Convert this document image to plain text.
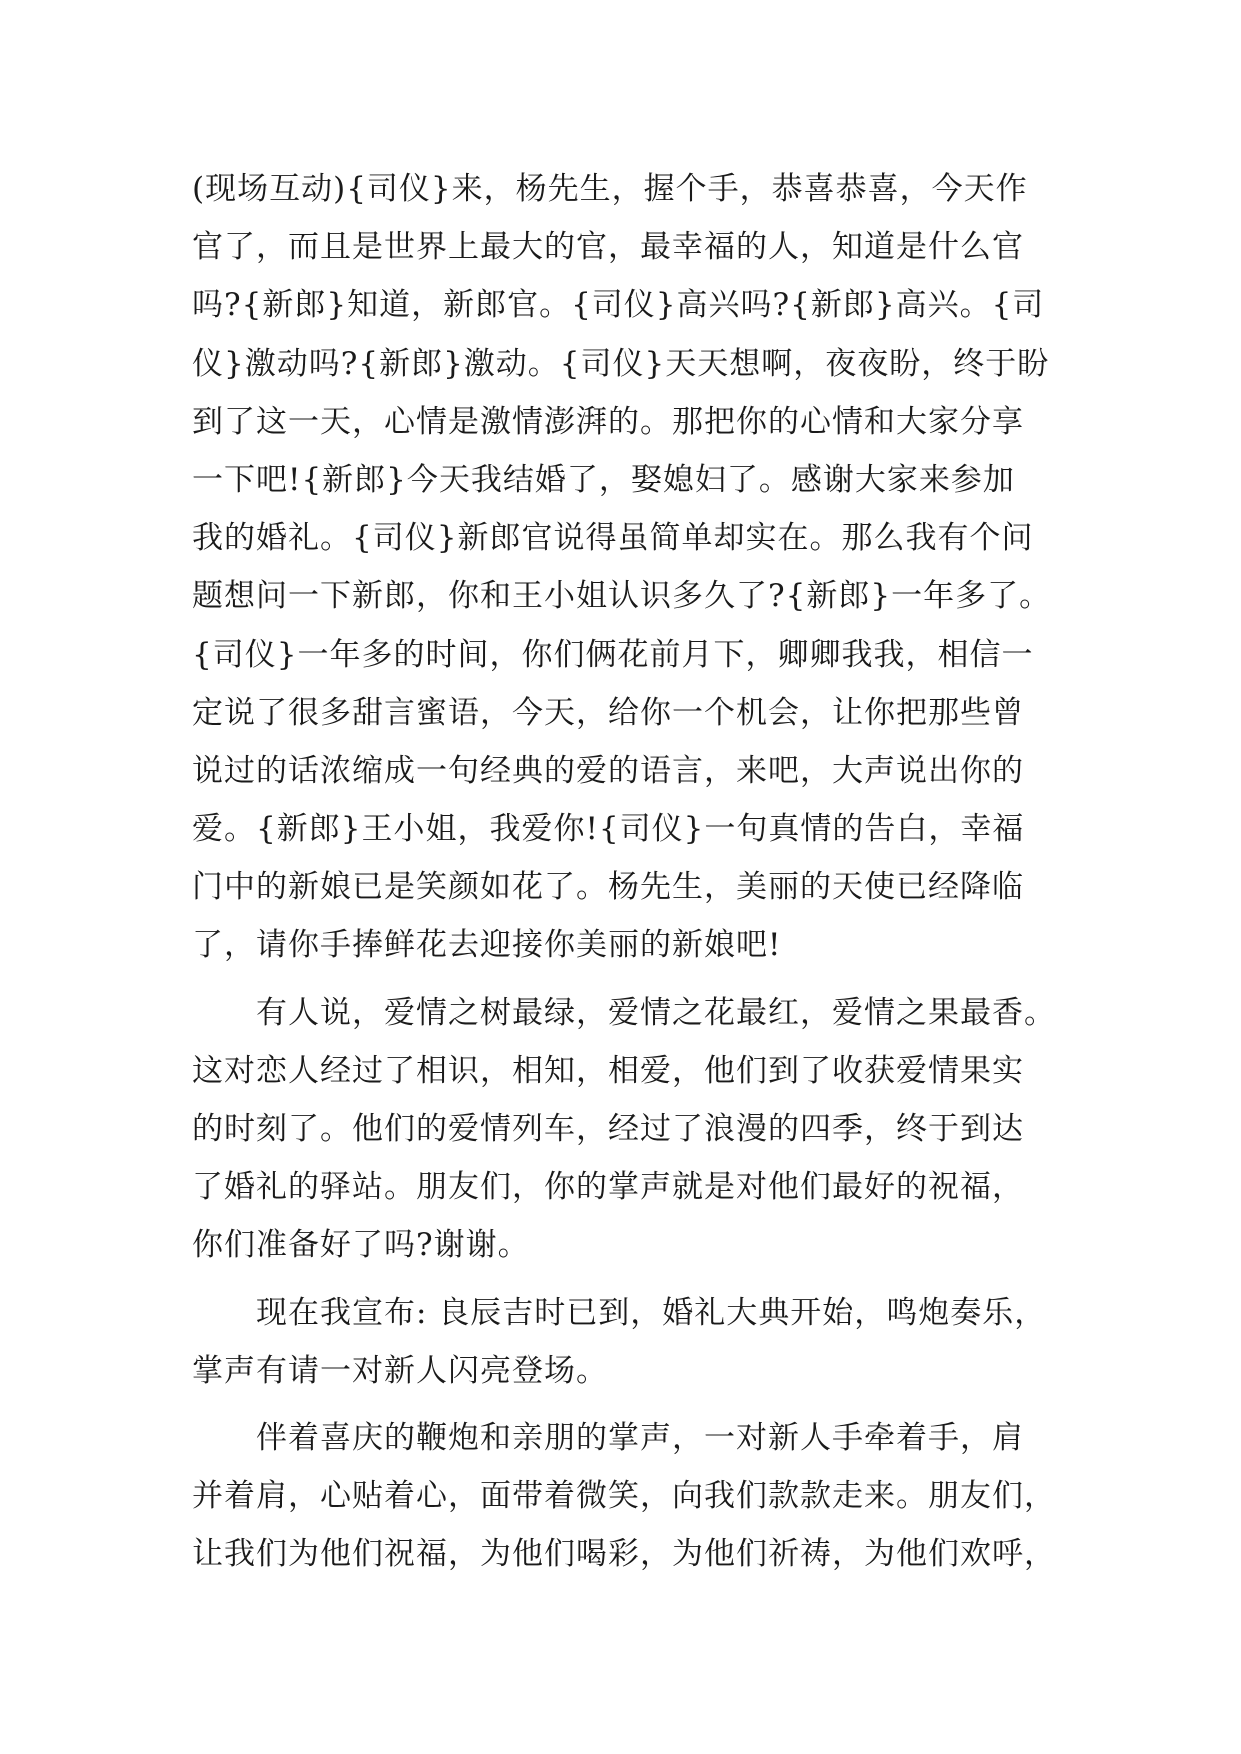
(现场互动){司仪}来，杨先生，握个手，恭喜恭喜，今天作
官了，而且是世界上最大的官，最幸福的人，知道是什么官
吗?{新郎}知道，新郎官。{司仪}高兴吗?{新郎}高兴。{司
仪}激动吗?{新郎}激动。{司仪}天天想啊，夜夜盼，终于盼
到了这一天，心情是激情澎湃的。那把你的心情和大家分享
一下吧!{新郎}今天我结婚了，娶媳妇了。感谢大家来参加
我的婚礼。{司仪}新郎官说得虽简单却实在。那么我有个问
题想问一下新郎，你和王小姐认识多久了?{新郎}一年多了。
{司仪}一年多的时间，你们俩花前月下，卿卿我我，相信一
定说了很多甜言蜜语，今天，给你一个机会，让你把那些曾
说过的话浓缩成一句经典的爱的语言，来吧，大声说出你的
爱。{新郎}王小姐，我爱你!{司仪}一句真情的告白，幸福
门中的新娘已是笑颜如花了。杨先生，美丽的天使已经降临
了，请你手捧鲜花去迎接你美丽的新娘吧!
　　有人说，爱情之树最绿，爱情之花最红，爱情之果最香。
这对恋人经过了相识，相知，相爱，他们到了收获爱情果实
的时刻了。他们的爱情列车，经过了浪漫的四季，终于到达
了婚礼的驿站。朋友们，你的掌声就是对他们最好的祝福，
你们准备好了吗?谢谢。
　　现在我宣布: 良辰吉时已到，婚礼大典开始，鸣炮奏乐，
掌声有请一对新人闪亮登场。
　　伴着喜庆的鞭炮和亲朋的掌声，一对新人手牵着手，肩
并着肩，心贴着心，面带着微笑，向我们款款走来。朋友们，
让我们为他们祝福，为他们喝彩，为他们祈祷，为他们欢呼，
